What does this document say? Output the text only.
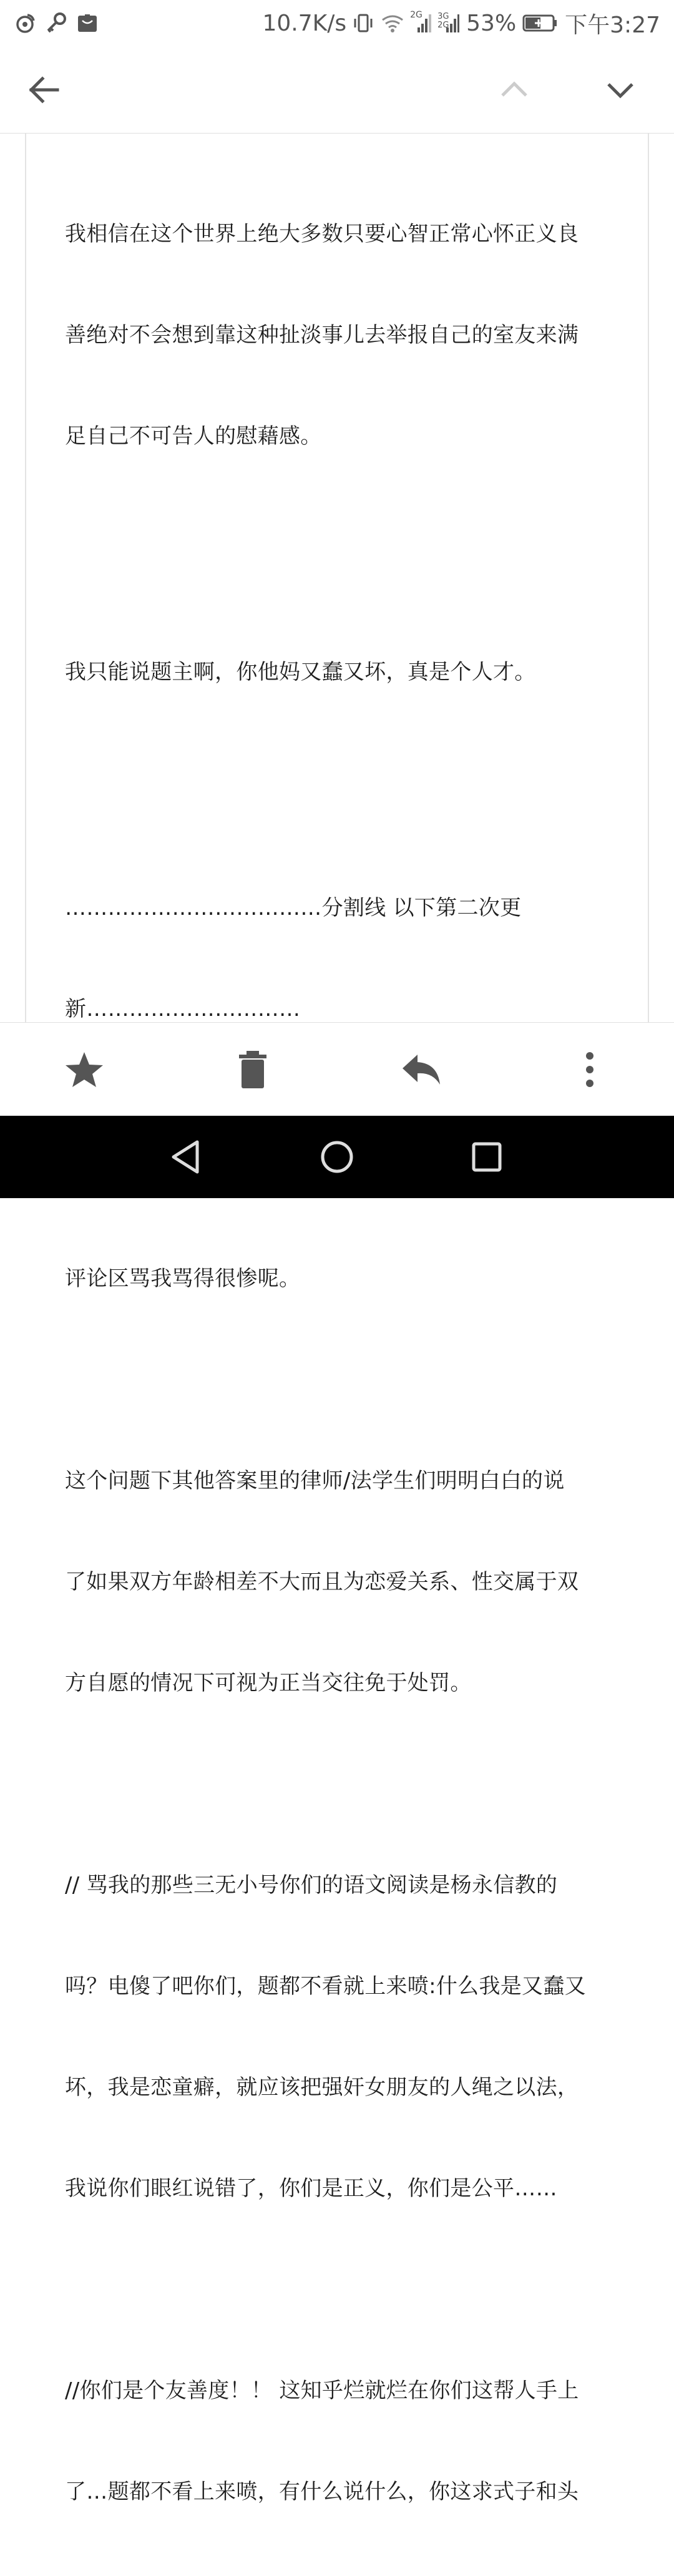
10.7K/s	2G 3G
2G 53% 下午3:27

我相信在这个世界上绝大多数只要心智正常心怀正义良

善绝对不会想到靠这种扯淡事儿去举报自己的室友来满

足自己不可告人的慰藉感。

我只能说题主啊，你他妈又蠢又坏，真是个人才。

………………………………分割线 以下第二次更

新…………………………

评论区骂我骂得很惨呢。

这个问题下其他答案里的律师/法学生们明明白白的说

了如果双方年龄相差不大而且为恋爱关系、性交属于双

方自愿的情况下可视为正当交往免于处罚。

// 骂我的那些三无小号你们的语文阅读是杨永信教的

吗？电傻了吧你们，题都不看就上来喷:什么我是又蠢又

坏，我是恋童癖，就应该把强奸女朋友的人绳之以法，

我说你们眼红说错了，你们是正义，你们是公平……

//你们是个友善度！！ 这知乎烂就烂在你们这帮人手上

了…题都不看上来喷，有什么说什么，你这求式子和头
